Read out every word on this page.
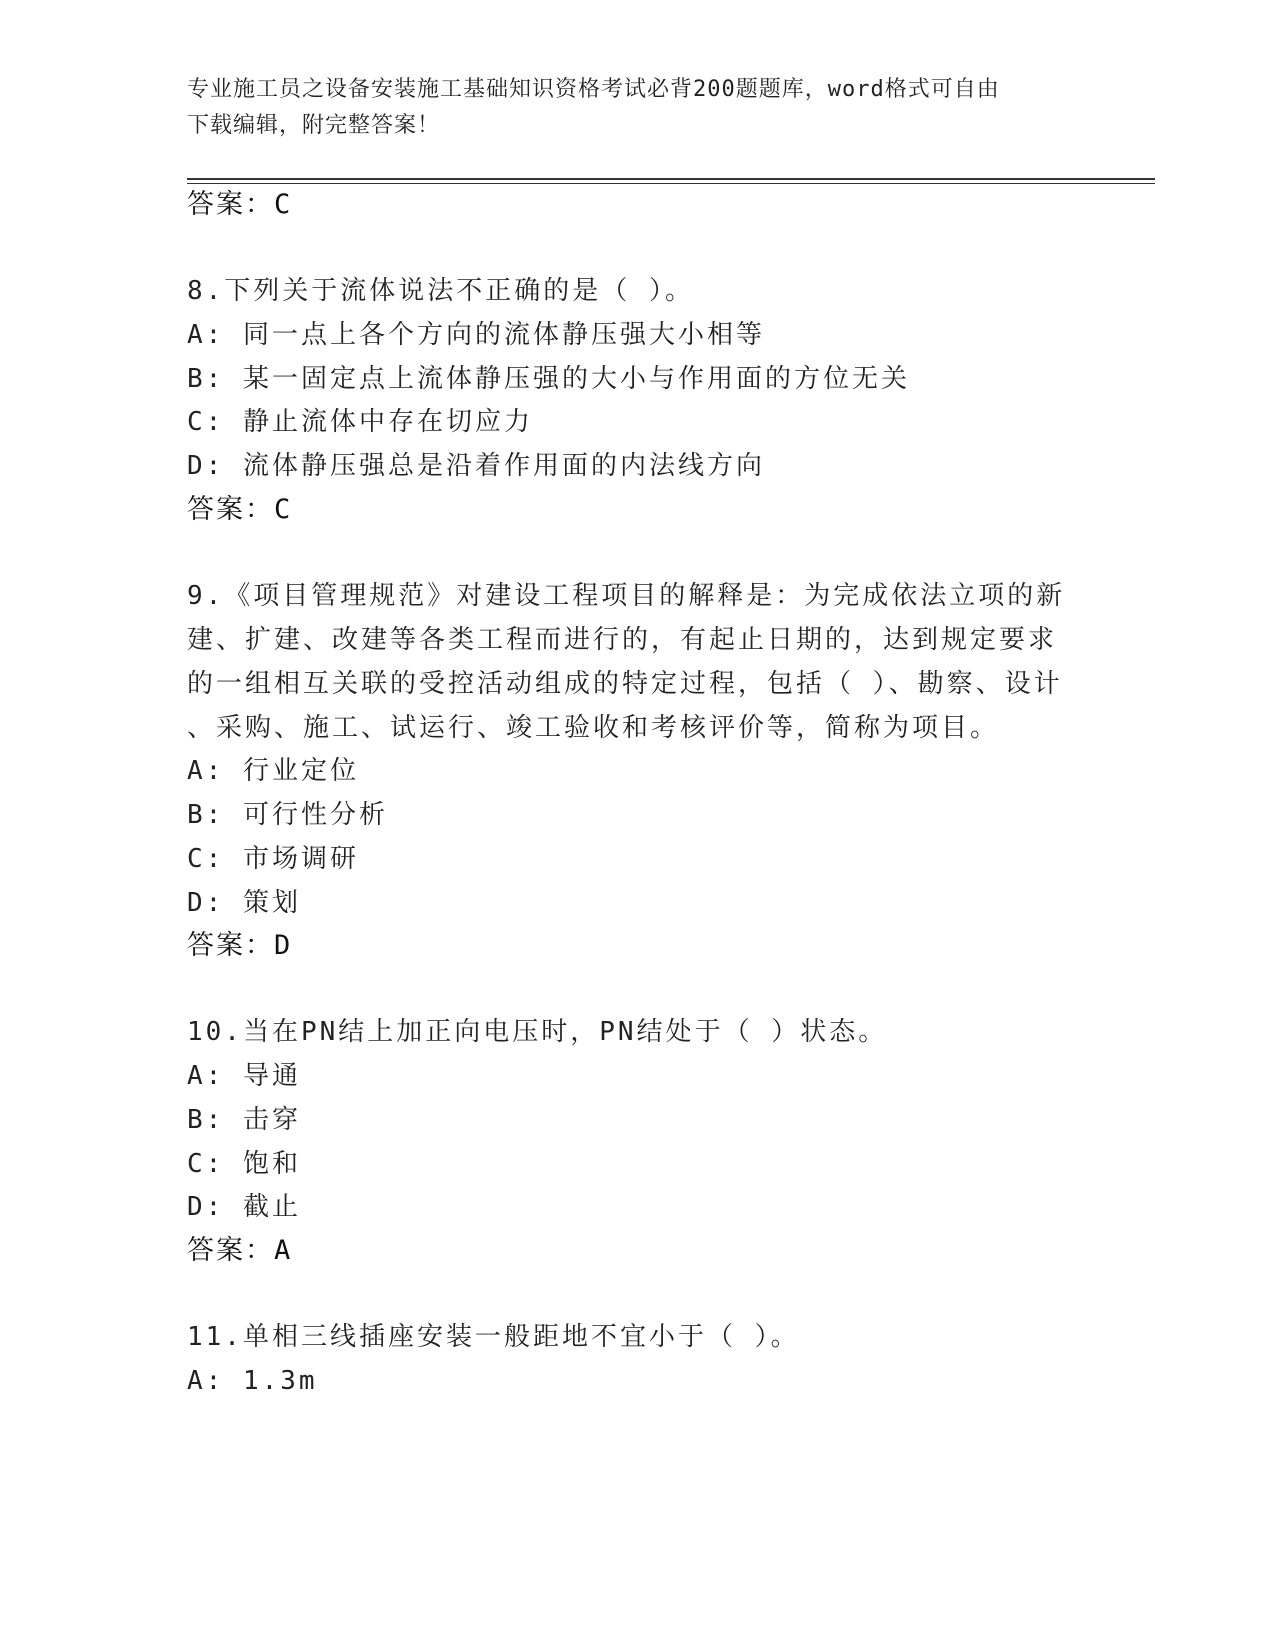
专业施工员之设备安装施工基础知识资格考试必背200题题库，word格式可自由
下载编辑，附完整答案！
答案：C
8.下列关于流体说法不正确的是（ ）。
A: 同一点上各个方向的流体静压强大小相等
B: 某一固定点上流体静压强的大小与作用面的方位无关
C: 静止流体中存在切应力
D: 流体静压强总是沿着作用面的内法线方向
答案：C
9.《项目管理规范》对建设工程项目的解释是：为完成依法立项的新
建、扩建、改建等各类工程而进行的，有起止日期的，达到规定要求
的一组相互关联的受控活动组成的特定过程，包括（ ）、勘察、设计
、采购、施工、试运行、竣工验收和考核评价等，简称为项目。
A: 行业定位
B: 可行性分析
C: 市场调研
D: 策划
答案：D
10.当在PN结上加正向电压时，PN结处于（ ）状态。
A: 导通
B: 击穿
C: 饱和
D: 截止
答案：A
11.单相三线插座安装一般距地不宜小于（ ）。
A: 1.3m
